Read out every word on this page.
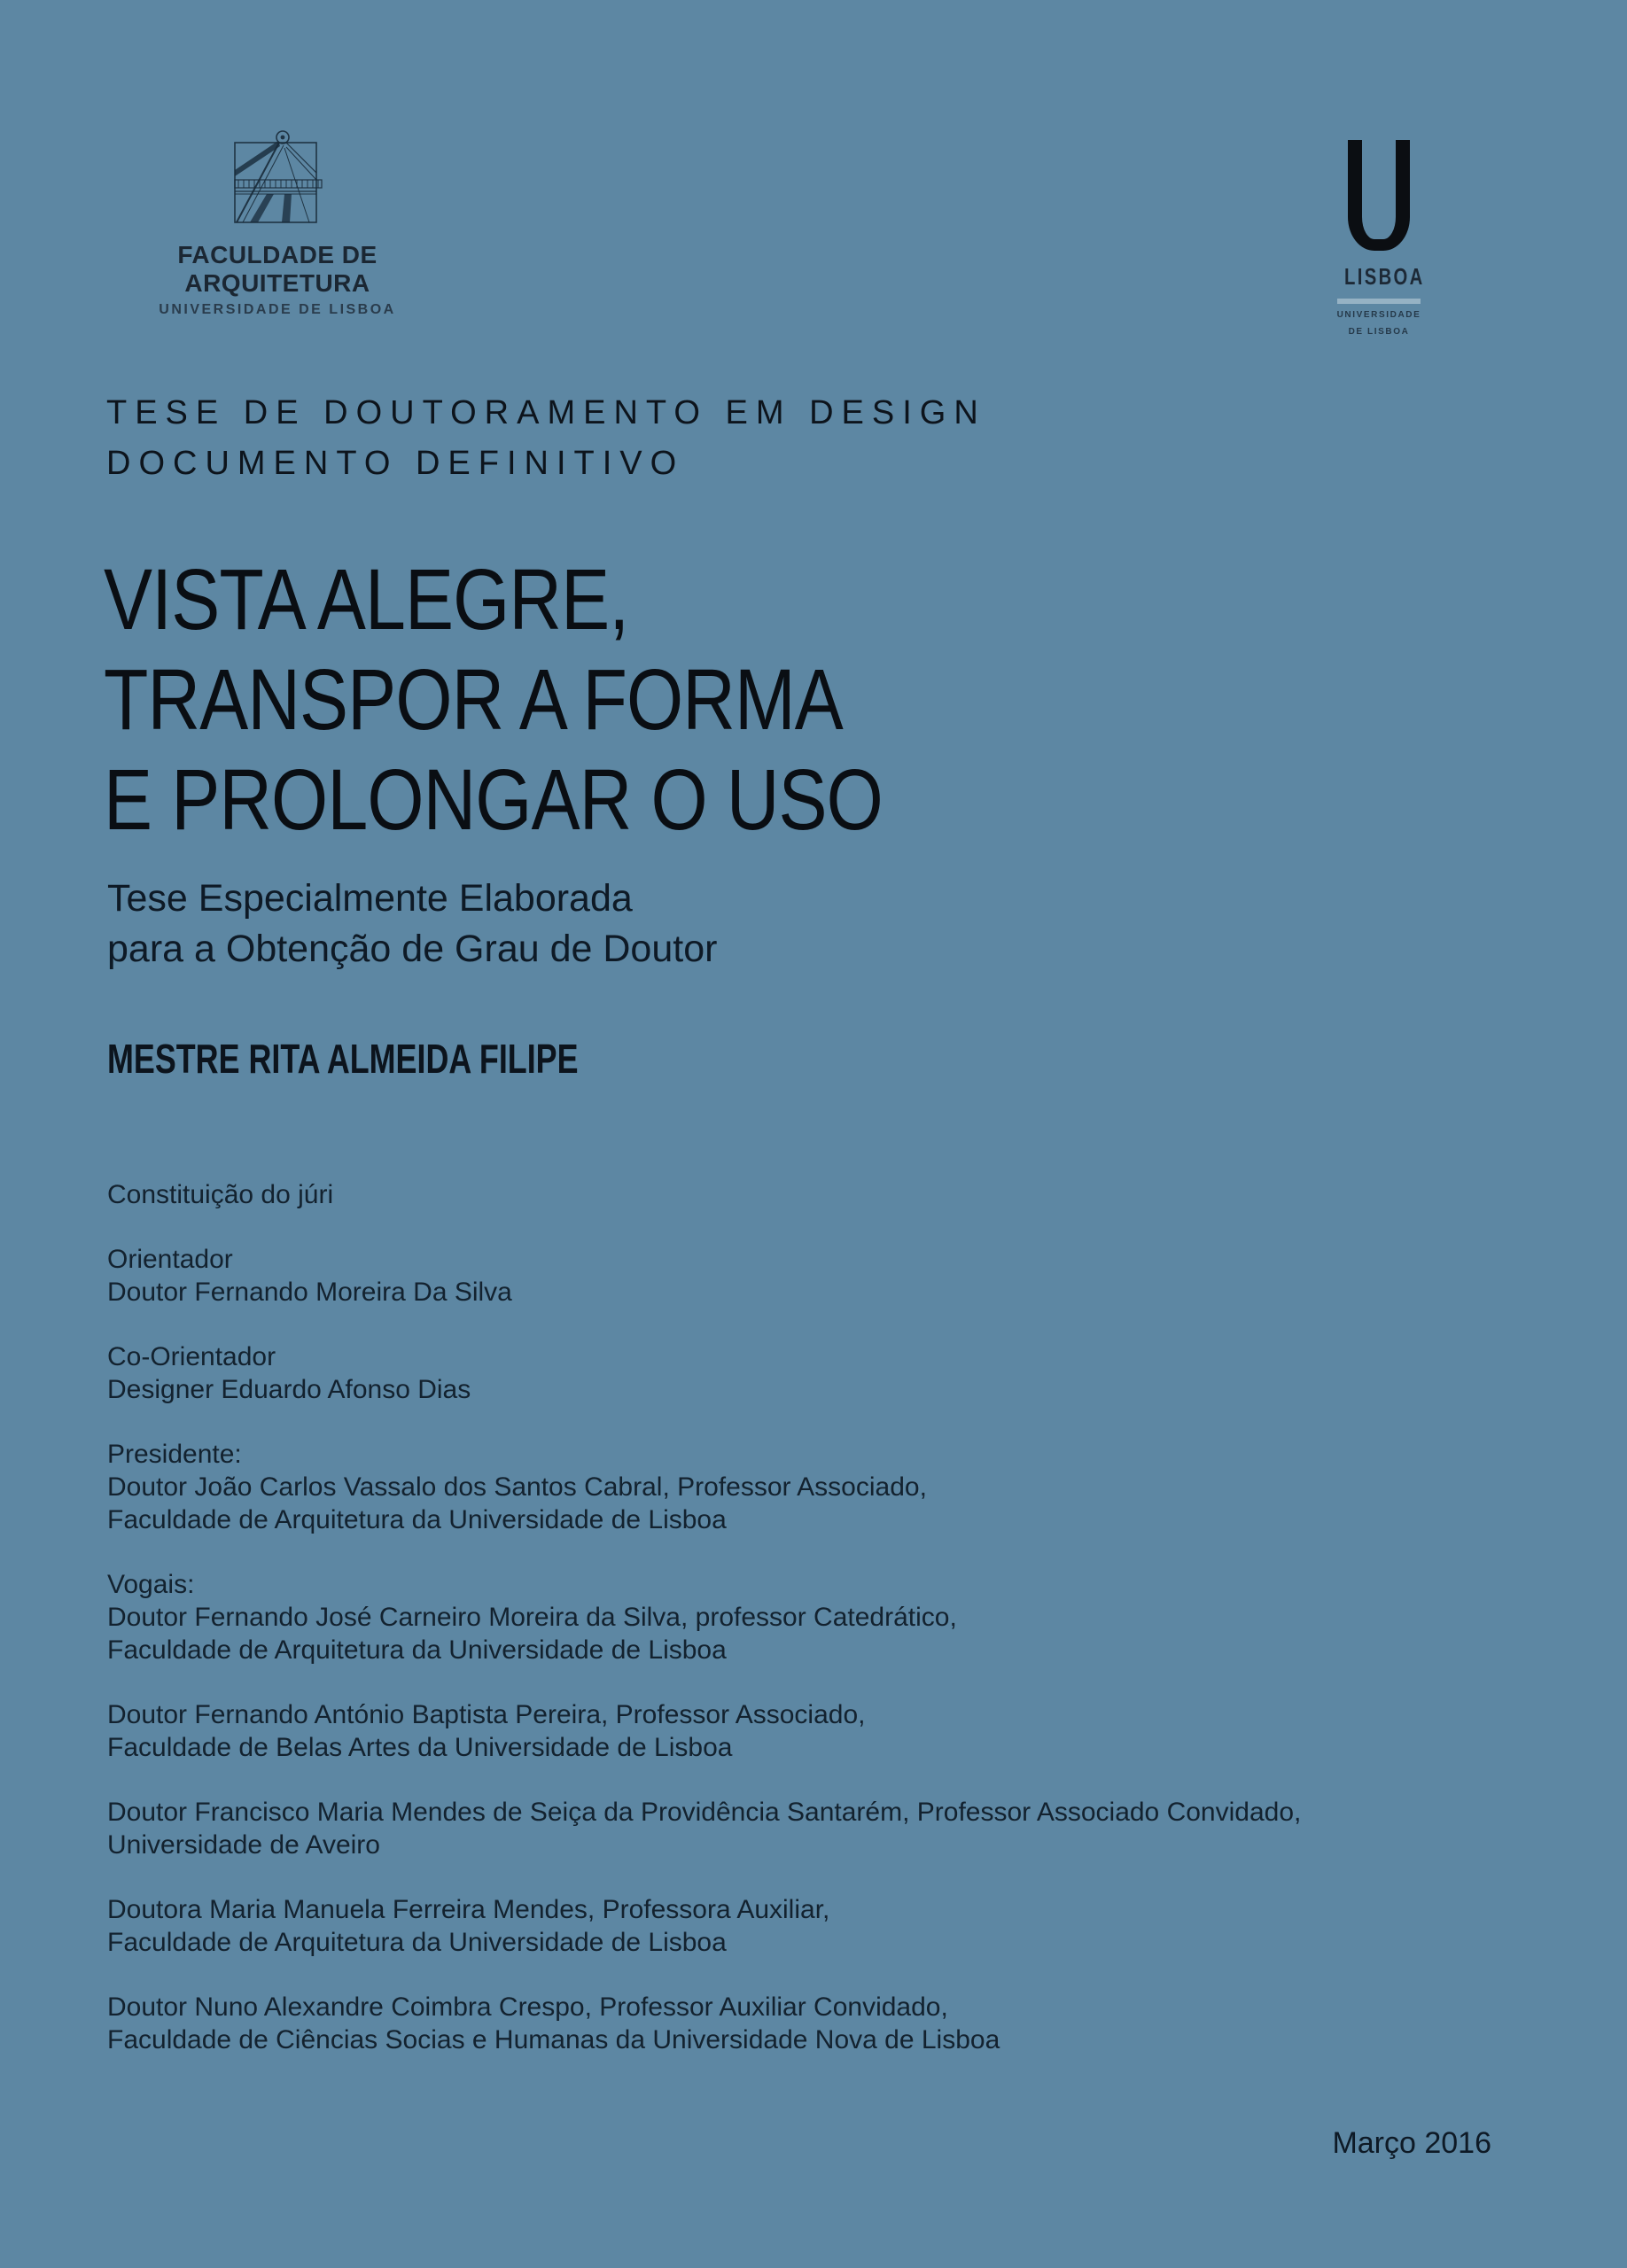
FACULDADE DE ARQUITETURA
UNIVERSIDADE DE LISBOA
LISBOA
UNIVERSIDADE
DE LISBOA
TESE DE DOUTORAMENTO EM DESIGN
DOCUMENTO DEFINITIVO
VISTA ALEGRE,
TRANSPOR A FORMA
E PROLONGAR O USO
Tese Especialmente Elaborada
para a Obtenção de Grau de Doutor
MESTRE RITA ALMEIDA FILIPE
Constituição do júri
Orientador
Doutor Fernando Moreira Da Silva
Co-Orientador
Designer Eduardo Afonso Dias
Presidente:
Doutor João Carlos Vassalo dos Santos Cabral, Professor Associado,
Faculdade de Arquitetura da Universidade de Lisboa
Vogais:
Doutor Fernando José Carneiro Moreira da Silva, professor Catedrático,
Faculdade de Arquitetura da Universidade de Lisboa
Doutor Fernando António Baptista Pereira, Professor Associado,
Faculdade de Belas Artes da Universidade de Lisboa
Doutor Francisco Maria Mendes de Seiça da Providência Santarém, Professor Associado Convidado,
Universidade de Aveiro
Doutora Maria Manuela Ferreira Mendes, Professora Auxiliar,
Faculdade de Arquitetura da Universidade de Lisboa
Doutor Nuno Alexandre Coimbra Crespo, Professor Auxiliar Convidado,
Faculdade de Ciências Socias e Humanas da Universidade Nova de Lisboa
Março 2016
